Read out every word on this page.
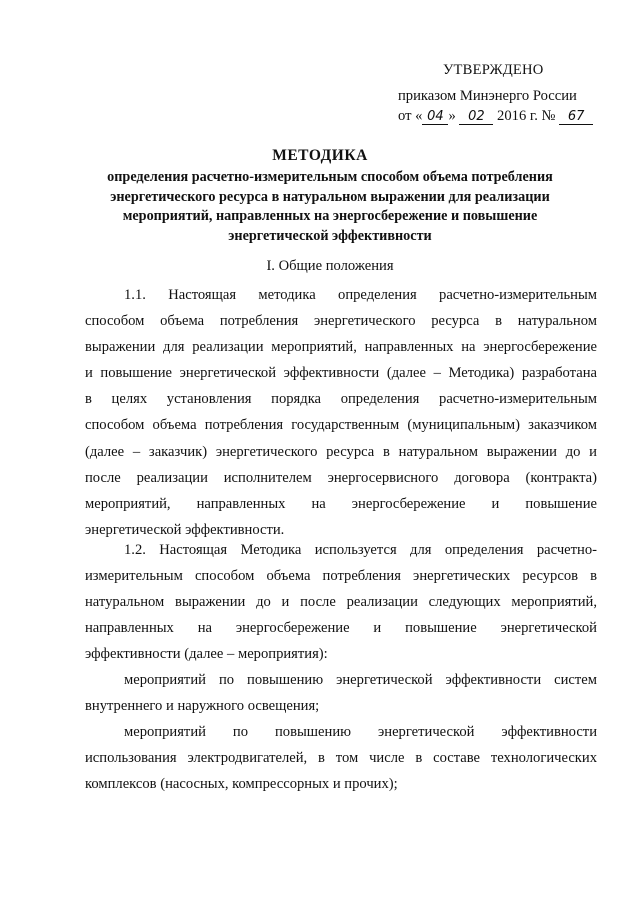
УТВЕРЖДЕНО
приказом Минэнерго России
от « 04 » 02 2016 г. № 67
МЕТОДИКА
определения расчетно-измерительным способом объема потребления
энергетического ресурса в натуральном выражении для реализации
мероприятий, направленных на энергосбережение и повышение
энергетической эффективности
I. Общие положения
1.1. Настоящая методика определения расчетно-измерительным
способом объема потребления энергетического ресурса в натуральном
выражении для реализации мероприятий, направленных на энергосбережение
и повышение энергетической эффективности (далее – Методика) разработана
в целях установления порядка определения расчетно-измерительным
способом объема потребления государственным (муниципальным) заказчиком
(далее – заказчик) энергетического ресурса в натуральном выражении до и
после реализации исполнителем энергосервисного договора (контракта)
мероприятий, направленных на энергосбережение и повышение
энергетической эффективности.
1.2. Настоящая Методика используется для определения расчетно-
измерительным способом объема потребления энергетических ресурсов в
натуральном выражении до и после реализации следующих мероприятий,
направленных на энергосбережение и повышение энергетической
эффективности (далее – мероприятия):
мероприятий по повышению энергетической эффективности систем
внутреннего и наружного освещения;
мероприятий по повышению энергетической эффективности
использования электродвигателей, в том числе в составе технологических
комплексов (насосных, компрессорных и прочих);
